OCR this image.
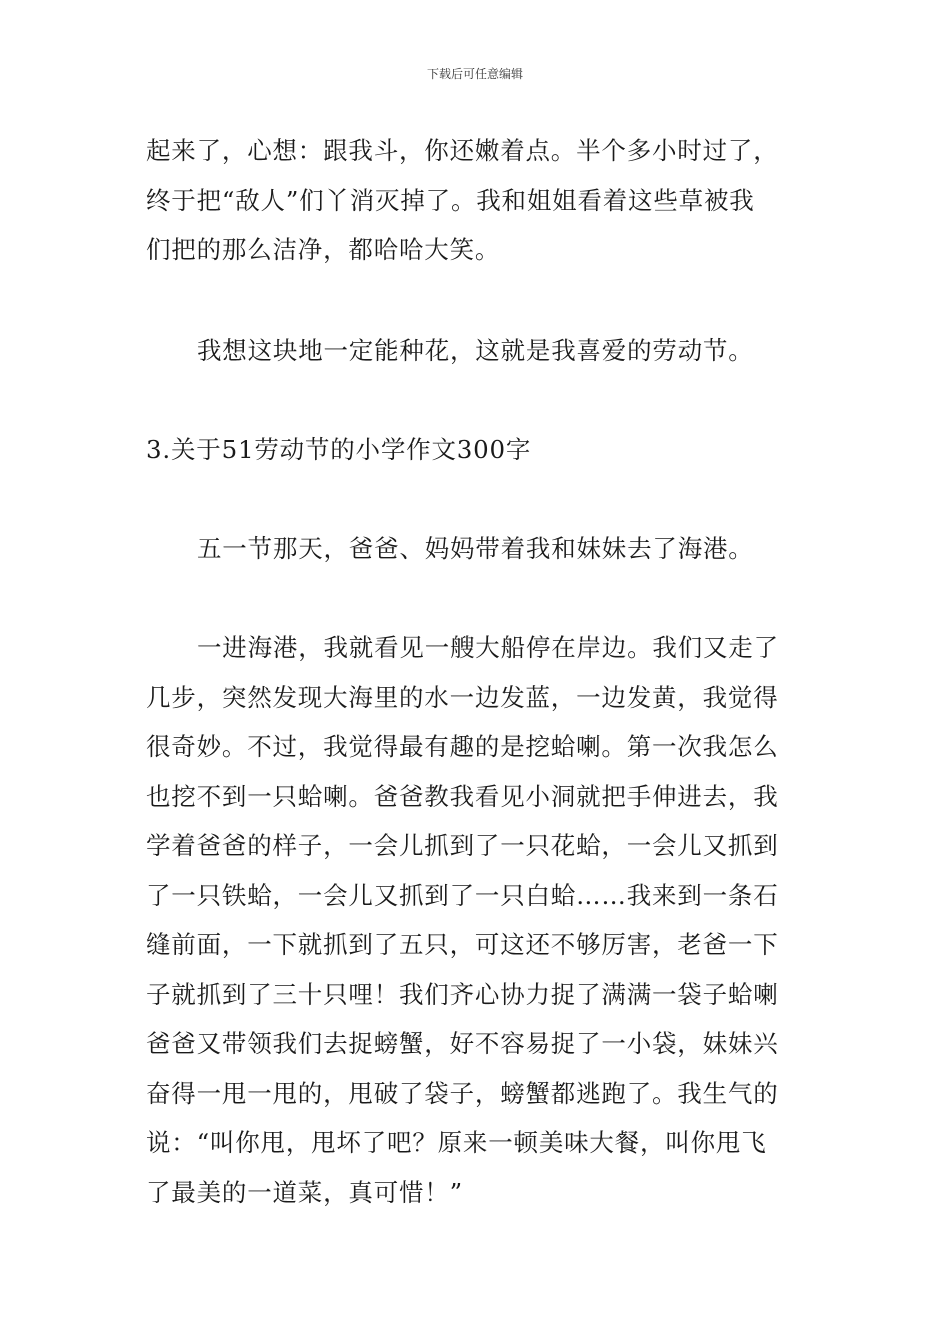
下载后可任意编辑
起来了，心想：跟我斗，你还嫩着点。半个多小时过了，
终于把“敌人”们丫消灭掉了。我和姐姐看着这些草被我
们把的那么洁净，都哈哈大笑。
我想这块地一定能种花，这就是我喜爱的劳动节。
3.关于51劳动节的小学作文300字
五一节那天，爸爸、妈妈带着我和妹妹去了海港。
一进海港，我就看见一艘大船停在岸边。我们又走了
几步，突然发现大海里的水一边发蓝，一边发黄，我觉得
很奇妙。不过，我觉得最有趣的是挖蛤喇。第一次我怎么
也挖不到一只蛤喇。爸爸教我看见小洞就把手伸进去，我
学着爸爸的样子，一会儿抓到了一只花蛤，一会儿又抓到
了一只铁蛤，一会儿又抓到了一只白蛤……我来到一条石
缝前面，一下就抓到了五只，可这还不够厉害，老爸一下
子就抓到了三十只哩！我们齐心协力捉了满满一袋子蛤喇
爸爸又带领我们去捉螃蟹，好不容易捉了一小袋，妹妹兴
奋得一甩一甩的，甩破了袋子，螃蟹都逃跑了。我生气的
说：“叫你甩，甩坏了吧？原来一顿美味大餐，叫你甩飞
了最美的一道菜，真可惜！”
